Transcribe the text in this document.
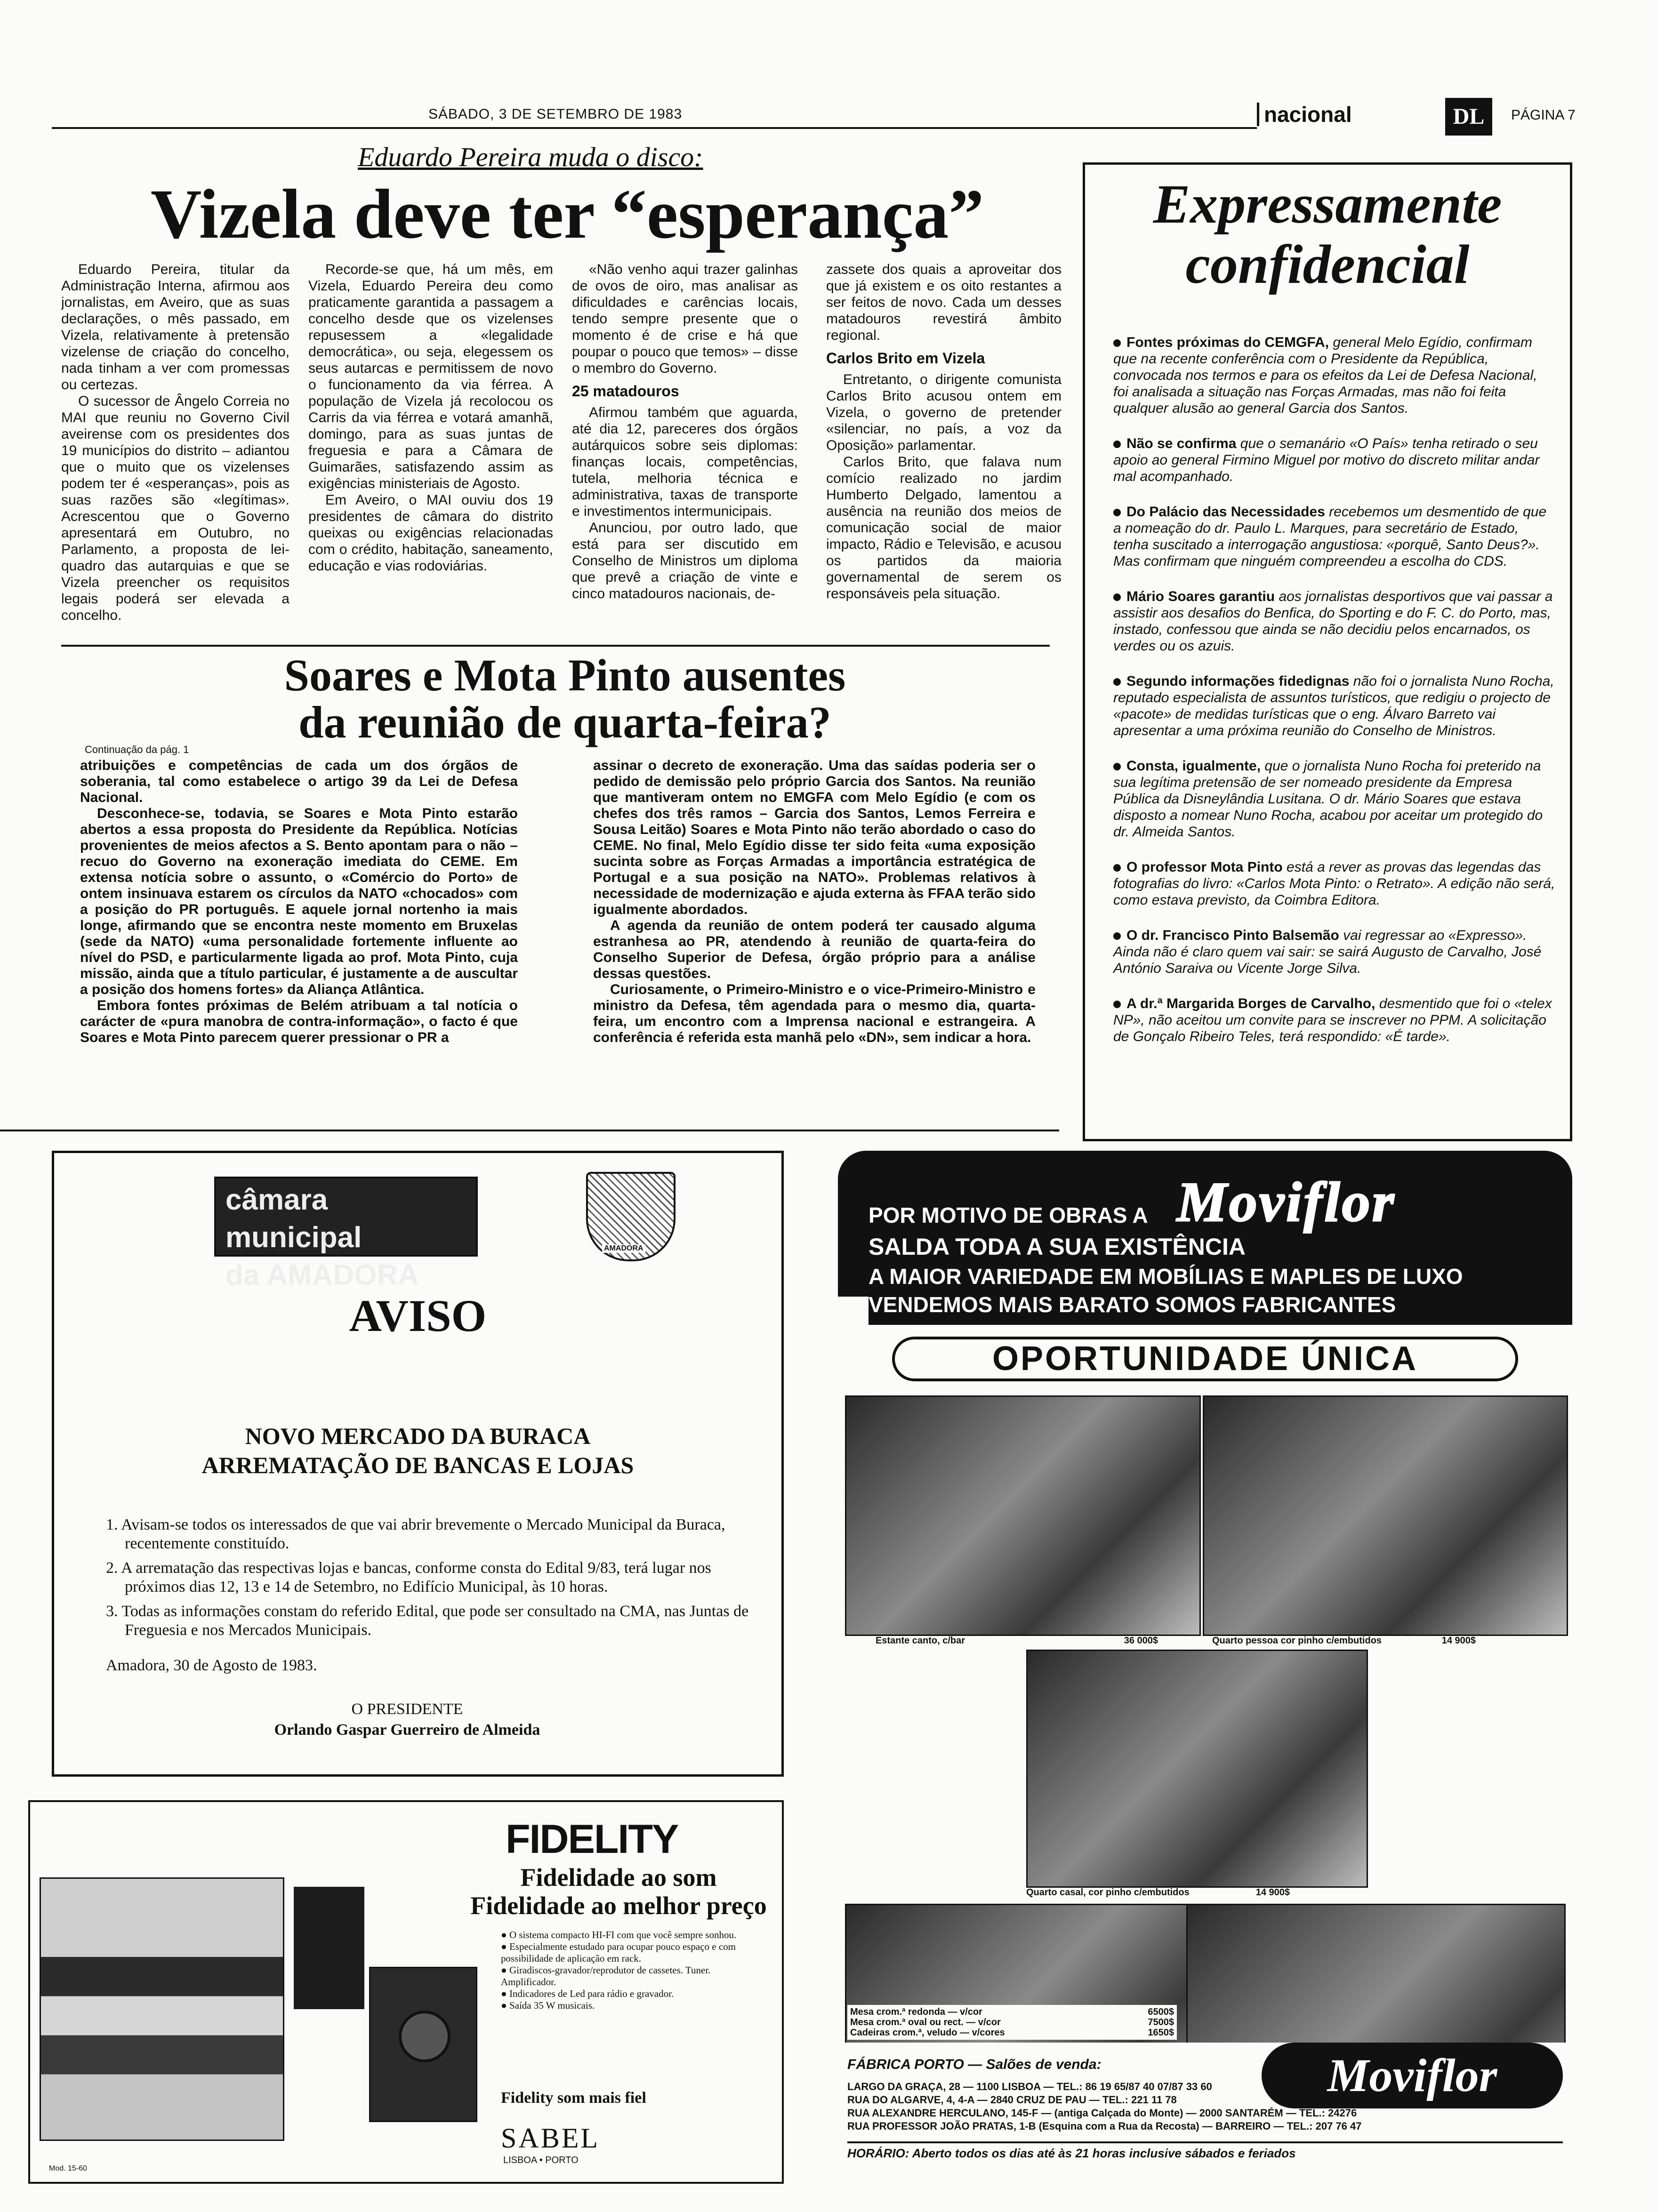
SÁBADO, 3 DE SETEMBRO DE 1983	nacional	DL	PÁGINA 7
Eduardo Pereira muda o disco:
Vizela deve ter “esperança”

Eduardo Pereira, titular da Administração Interna, afirmou aos jornalistas, em Aveiro, que as suas declarações, o mês passado, em Vizela, relativamente à pretensão vizelense de criação do concelho, nada tinham a ver com promessas ou certezas.

O sucessor de Ângelo Correia no MAI que reuniu no Governo Civil aveirense com os presidentes dos 19 municípios do distrito – adiantou que o muito que os vizelenses podem ter é «esperanças», pois as suas razões são «legítimas». Acrescentou que o Governo apresentará em Outubro, no Parlamento, a proposta de lei-quadro das autarquias e que se Vizela preencher os requisitos legais poderá ser elevada a concelho.

Recorde-se que, há um mês, em Vizela, Eduardo Pereira deu como praticamente garantida a passagem a concelho desde que os vizelenses repusessem a «legalidade democrática», ou seja, elegessem os seus autarcas e permitissem de novo o funcionamento da via férrea. A população de Vizela já recolocou os Carris da via férrea e votará amanhã, domingo, para as suas juntas de freguesia e para a Câmara de Guimarães, satisfazendo assim as exigências ministeriais de Agosto.

Em Aveiro, o MAI ouviu dos 19 presidentes de câmara do distrito queixas ou exigências relacionadas com o crédito, habitação, saneamento, educação e vias rodoviárias.

«Não venho aqui trazer galinhas de ovos de oiro, mas analisar as dificuldades e carências locais, tendo sempre presente que o momento é de crise e há que poupar o pouco que temos» – disse o membro do Governo.

25 matadouros

Afirmou também que aguarda, até dia 12, pareceres dos órgãos autárquicos sobre seis diplomas: finanças locais, competências, tutela, melhoria técnica e administrativa, taxas de transporte e investimentos intermunicipais.

Anunciou, por outro lado, que está para ser discutido em Conselho de Ministros um diploma que prevê a criação de vinte e cinco matadouros nacionais, de-

zassete dos quais a aproveitar dos que já existem e os oito restantes a ser feitos de novo. Cada um desses matadouros revestirá âmbito regional.

Carlos Brito em Vizela

Entretanto, o dirigente comunista Carlos Brito acusou ontem em Vizela, o governo de pretender «silenciar, no país, a voz da Oposição» parlamentar.

Carlos Brito, que falava num comício realizado no jardim Humberto Delgado, lamentou a ausência na reunião dos meios de comunicação social de maior impacto, Rádio e Televisão, e acusou os partidos da maioria governamental de serem os responsáveis pela situação.

Soares e Mota Pinto ausentes
da reunião de quarta-feira?
Continuação da pág. 1

atribuições e competências de cada um dos órgãos de soberania, tal como estabelece o artigo 39 da Lei de Defesa Nacional.

Desconhece-se, todavia, se Soares e Mota Pinto estarão abertos a essa proposta do Presidente da República. Notícias provenientes de meios afectos a S. Bento apontam para o não – recuo do Governo na exoneração imediata do CEME. Em extensa notícia sobre o assunto, o «Comércio do Porto» de ontem insinuava estarem os círculos da NATO «chocados» com a posição do PR português. E aquele jornal nortenho ia mais longe, afirmando que se encontra neste momento em Bruxelas (sede da NATO) «uma personalidade fortemente influente ao nível do PSD, e particularmente ligada ao prof. Mota Pinto, cuja missão, ainda que a título particular, é justamente a de auscultar a posição dos homens fortes» da Aliança Atlântica.

Embora fontes próximas de Belém atribuam a tal notícia o carácter de «pura manobra de contra-informação», o facto é que Soares e Mota Pinto parecem querer pressionar o PR a

assinar o decreto de exoneração. Uma das saídas poderia ser o pedido de demissão pelo próprio Garcia dos Santos. Na reunião que mantiveram ontem no EMGFA com Melo Egídio (e com os chefes dos três ramos – Garcia dos Santos, Lemos Ferreira e Sousa Leitão) Soares e Mota Pinto não terão abordado o caso do CEME. No final, Melo Egídio disse ter sido feita «uma exposição sucinta sobre as Forças Armadas a importância estratégica de Portugal e a sua posição na NATO». Problemas relativos à necessidade de modernização e ajuda externa às FFAA terão sido igualmente abordados.

A agenda da reunião de ontem poderá ter causado alguma estranhesa ao PR, atendendo à reunião de quarta-feira do Conselho Superior de Defesa, órgão próprio para a análise dessas questões.

Curiosamente, o Primeiro-Ministro e o vice-Primeiro-Ministro e ministro da Defesa, têm agendada para o mesmo dia, quarta-feira, um encontro com a Imprensa nacional e estrangeira. A conferência é referida esta manhã pelo «DN», sem indicar a hora.

Expressamente
confidencial
Fontes próximas do CEMGFA, general Melo Egídio, confirmam que na recente conferência com o Presidente da República, convocada nos termos e para os efeitos da Lei de Defesa Nacional, foi analisada a situação nas Forças Armadas, mas não foi feita qualquer alusão ao general Garcia dos Santos.
Não se confirma que o semanário «O País» tenha retirado o seu apoio ao general Firmino Miguel por motivo do discreto militar andar mal acompanhado.
Do Palácio das Necessidades recebemos um desmentido de que a nomeação do dr. Paulo L. Marques, para secretário de Estado, tenha suscitado a interrogação angustiosa: «porquê, Santo Deus?». Mas confirmam que ninguém compreendeu a escolha do CDS.
Mário Soares garantiu aos jornalistas desportivos que vai passar a assistir aos desafios do Benfica, do Sporting e do F. C. do Porto, mas, instado, confessou que ainda se não decidiu pelos encarnados, os verdes ou os azuis.
Segundo informações fidedignas não foi o jornalista Nuno Rocha, reputado especialista de assuntos turísticos, que redigiu o projecto de «pacote» de medidas turísticas que o eng. Álvaro Barreto vai apresentar a uma próxima reunião do Conselho de Ministros.
Consta, igualmente, que o jornalista Nuno Rocha foi preterido na sua legítima pretensão de ser nomeado presidente da Empresa Pública da Disneylândia Lusitana. O dr. Mário Soares que estava disposto a nomear Nuno Rocha, acabou por aceitar um protegido do dr. Almeida Santos.
O professor Mota Pinto está a rever as provas das legendas das fotografias do livro: «Carlos Mota Pinto: o Retrato». A edição não será, como estava previsto, da Coimbra Editora.
O dr. Francisco Pinto Balsemão vai regressar ao «Expresso». Ainda não é claro quem vai sair: se sairá Augusto de Carvalho, José António Saraiva ou Vicente Jorge Silva.
A dr.ª Margarida Borges de Carvalho, desmentido que foi o «telex NP», não aceitou um convite para se inscrever no PPM. A solicitação de Gonçalo Ribeiro Teles, terá respondido: «É tarde».
câmara municipal
da AMADORA
AMADORA
AVISO
NOVO MERCADO DA BURACA
ARREMATAÇÃO DE BANCAS E LOJAS
1. Avisam-se todos os interessados de que vai abrir brevemente o Mercado Municipal da Buraca, recentemente constituído.
2. A arrematação das respectivas lojas e bancas, conforme consta do Edital 9/83, terá lugar nos próximos dias 12, 13 e 14 de Setembro, no Edifício Municipal, às 10 horas.
3. Todas as informações constam do referido Edital, que pode ser consultado na CMA, nas Juntas de Freguesia e nos Mercados Municipais.
Amadora, 30 de Agosto de 1983.
O PRESIDENTE
Orlando Gaspar Guerreiro de Almeida
Mod. 15-60
FIDELITY
Fidelidade ao som
Fidelidade ao melhor preço
● O sistema compacto HI-FI com que você sempre sonhou.
● Especialmente estudado para ocupar pouco espaço e com possibilidade de aplicação em rack.
● Giradiscos-gravador/reprodutor de cassetes. Tuner. Amplificador.
● Indicadores de Led para rádio e gravador.
● Saída 35 W musicais.
Fidelity som mais fiel
SABEL
LISBOA • PORTO
POR MOTIVO DE OBRAS A Moviflor
SALDA TODA A SUA EXISTÊNCIA
A MAIOR VARIEDADE EM MOBÍLIAS E MAPLES DE LUXO
VENDEMOS MAIS BARATO SOMOS FABRICANTES
OPORTUNIDADE ÚNICA
Estante canto, c/bar	36 000$	Quarto pessoa cor pinho c/embutidos	14 900$
Quarto casal, cor pinho c/embutidos	14 900$
Mesa crom.ª redonda — v/cor	6500$
Mesa crom.ª oval ou rect. — v/cor	7500$
Cadeiras crom.ª, veludo — v/cores	1650$
FÁBRICA PORTO — Salões de venda:	Moviflor
LARGO DA GRAÇA, 28 — 1100 LISBOA — TEL.: 86 19 65/87 40 07/87 33 60
RUA DO ALGARVE, 4, 4-A — 2840 CRUZ DE PAU — TEL.: 221 11 78
RUA ALEXANDRE HERCULANO, 145-F — (antiga Calçada do Monte) — 2000 SANTARÉM — TEL.: 24276
RUA PROFESSOR JOÃO PRATAS, 1-B (Esquina com a Rua da Recosta) — BARREIRO — TEL.: 207 76 47
HORÁRIO: Aberto todos os dias até às 21 horas inclusive sábados e feriados
